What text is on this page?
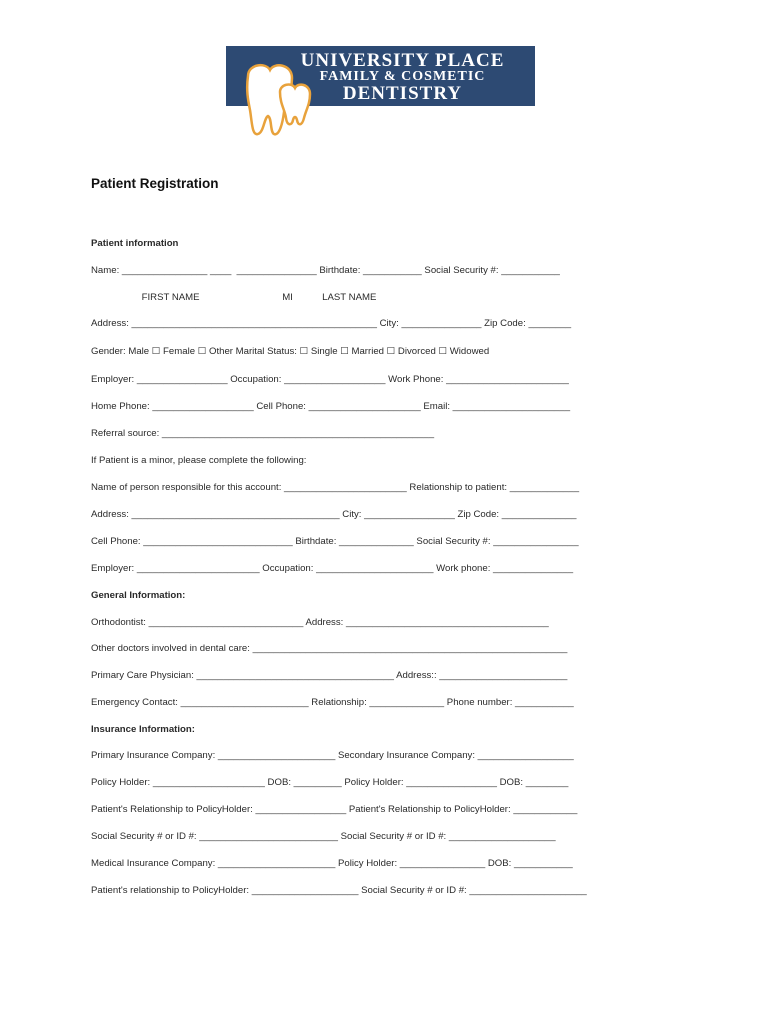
UNIVERSITY PLACE
FAMILY & COSMETIC
DENTISTRY
Patient Registration
Patient information
Name: ________________ ____  _______________ Birthdate: ___________ Social Security #: ___________
FIRST NAME                               MI           LAST NAME
Address: ______________________________________________ City: _______________ Zip Code: ________
Gender: Male ☐ Female ☐ Other Marital Status: ☐ Single ☐ Married ☐ Divorced ☐ Widowed
Employer: _________________ Occupation: ___________________ Work Phone: _______________________
Home Phone: ___________________ Cell Phone: _____________________ Email: ______________________
Referral source: ___________________________________________________
If Patient is a minor, please complete the following:
Name of person responsible for this account: _______________________ Relationship to patient: _____________
Address: _______________________________________ City: _________________ Zip Code: ______________
Cell Phone: ____________________________ Birthdate: ______________ Social Security #: ________________
Employer: _______________________ Occupation: ______________________ Work phone: _______________
General Information:
Orthodontist: _____________________________ Address: ______________________________________
Other doctors involved in dental care: ___________________________________________________________
Primary Care Physician: _____________________________________ Address:: ________________________
Emergency Contact: ________________________ Relationship: ______________ Phone number: ___________
Insurance Information:
Primary Insurance Company: ______________________ Secondary Insurance Company: __________________
Policy Holder: _____________________ DOB: _________ Policy Holder: _________________ DOB: ________
Patient's Relationship to PolicyHolder: _________________ Patient's Relationship to PolicyHolder: ____________
Social Security # or ID #: __________________________ Social Security # or ID #: ____________________
Medical Insurance Company: ______________________ Policy Holder: ________________ DOB: ___________
Patient's relationship to PolicyHolder: ____________________ Social Security # or ID #: ______________________
